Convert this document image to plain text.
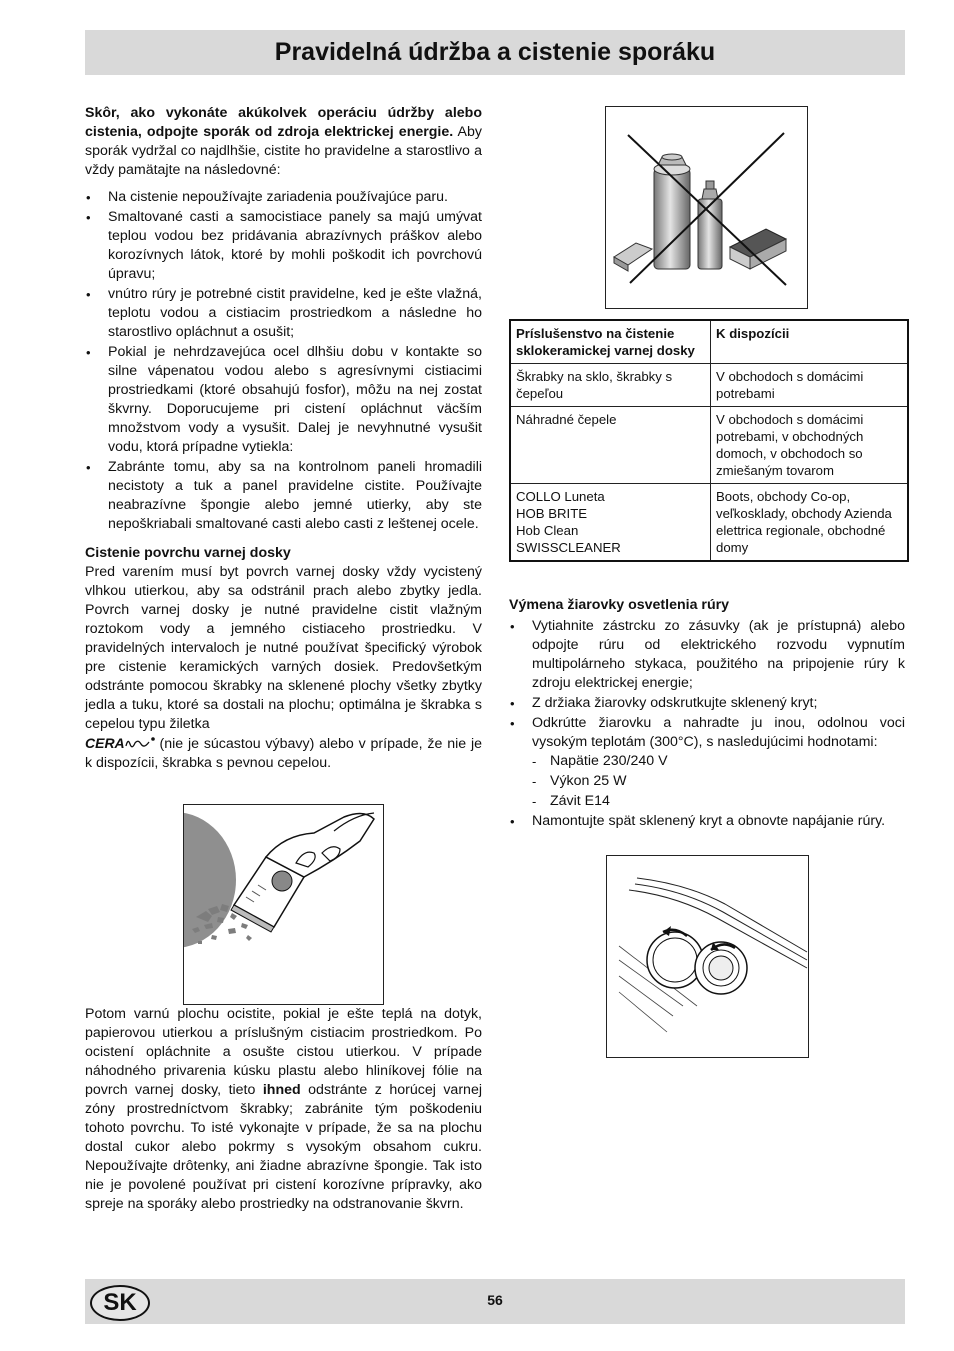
Pravidelná údržba a cistenie sporáku

Skôr, ako vykonáte akúkolvek operáciu údržby alebo cistenia, odpojte sporák od zdroja elektrickej energie. Aby sporák vydržal co najdlhšie, cistite ho pravidelne a starostlivo a vždy pamätajte na následovné:

• Na cistenie nepoužívajte zariadenia používajúce paru.
• Smaltované casti a samocistiace panely sa majú umývat teplou vodou bez pridávania abrazívnych práškov alebo korozívnych látok, ktoré by mohli poškodit ich povrchovú úpravu;
• vnútro rúry je potrebné cistit pravidelne, ked je ešte vlažná, teplotu vodou a cistiacim prostriedkom a následne ho starostlivo opláchnut a osušit;
• Pokial je nehrdzavejúca ocel dlhšiu dobu v kontakte so silne vápenatou vodou alebo s agresívnymi cistiacimi prostriedkami (ktoré obsahujú fosfor), môžu na nej zostat škvrny. Doporucujeme pri cistení opláchnut väcším množstvom vody a vysušit. Dalej je nevyhnutné vysušit vodu, ktorá prípadne vytiekla:
• Zabránte tomu, aby sa na kontrolnom paneli hromadili necistoty a tuk a panel pravidelne cistite. Používajte neabrazívne špongie alebo jemné utierky, aby ste nepoškriabali smaltované casti alebo casti z leštenej ocele.

Cistenie povrchu varnej dosky

Pred varením musí byt povrch varnej dosky vždy vycistený vlhkou utierkou, aby sa odstránil prach alebo zbytky jedla. Povrch varnej dosky je nutné pravidelne cistit vlažným roztokom vody a jemného cistiaceho prostriedku. V pravidelných intervaloch je nutné používat špecifický výrobok pre cistenie keramických varných dosiek. Predovšetkým odstránte pomocou škrabky na sklenené plochy všetky zbytky jedla a tuku, ktoré sa dostali na plochu; optimálna je škrabka s cepelou typu žiletka
CERA (nie je súcastou výbavy) alebo v prípade, že nie je k dispozícii, škrabka s pevnou cepelou.

Potom varnú plochu ocistite, pokial je ešte teplá na dotyk, papierovou utierkou a príslušným cistiacim prostriedkom. Po ocistení opláchnite a osušte cistou utierkou. V prípade náhodného privarenia kúsku plastu alebo hliníkovej fólie na povrch varnej dosky, tieto ihned odstránte z horúcej varnej zóny prostredníctvom škrabky; zabránite tým poškodeniu tohoto povrchu. To isté vykonajte v prípade, že sa na plochu dostal cukor alebo pokrmy s vysokým obsahom cukru. Nepoužívajte drôtenky, ani žiadne abrazívne špongie. Tak isto nie je povolené používat pri cistení korozívne prípravky, ako spreje na sporáky alebo prostriedky na odstranovanie škvrn.

Príslušenstvo na čistenie sklokeramickej varnej dosky	K dispozícii
Škrabky na sklo, škrabky s čepeľou	V obchodoch s domácimi potrebami
Náhradné čepele	V obchodoch s domácimi potrebami, v obchodných domoch, v obchodoch so zmiešaným tovarom
COLLO Luneta
HOB BRITE
Hob Clean
SWISSCLEANER	Boots, obchody Co-op, veľkosklady, obchody Azienda elettrica regionale, obchodné domy

Výmena žiarovky osvetlenia rúry

• Vytiahnite zástrcku zo zásuvky (ak je prístupná) alebo odpojte rúru od elektrického rozvodu vypnutím multipolárneho stykaca, použitého na pripojenie rúry k zdroju elektrickej energie;
• Z držiaka žiarovky odskrutkujte sklenený kryt;
• Odkrútte žiarovku a nahradte ju inou, odolnou voci vysokým teplotám (300°C), s nasledujúcimi hodnotami:
- Napätie 230/240 V
- Výkon 25 W
- Závit E14
• Namontujte spät sklenený kryt a obnovte napájanie rúry.
SK	56
